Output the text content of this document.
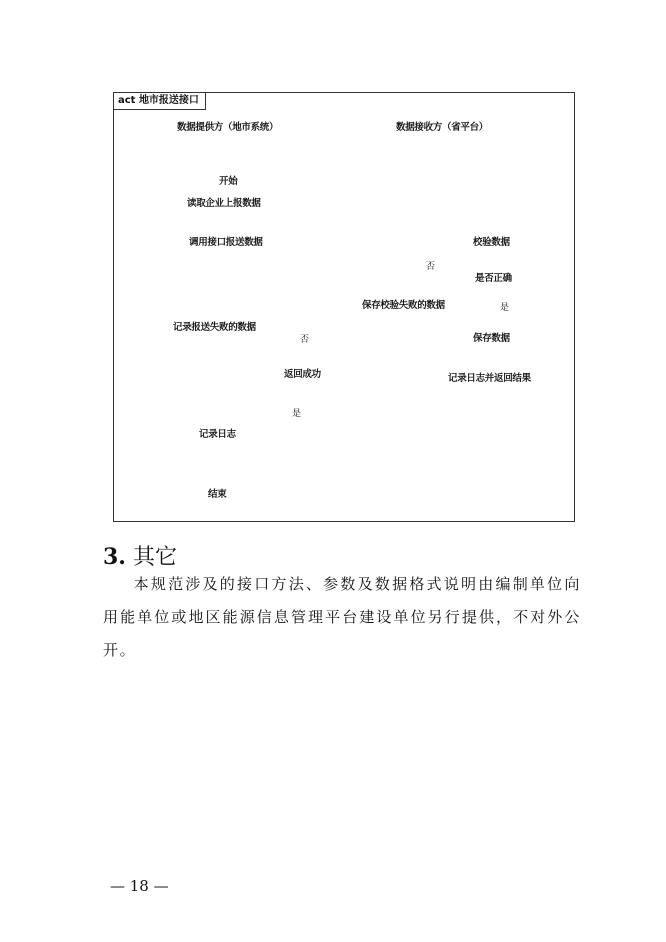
act 地市报送接口
数据提供方（地市系统）	数据接收方（省平台）
开始
读取企业上报数据
调用接口报送数据
记录报送失败的数据
返回成功
记录日志
结束
校验数据
是否正确
保存校验失败的数据
保存数据
记录日志并返回结果
否
是
否
是
3. 其它
本规范涉及的接口方法、参数及数据格式说明由编制单位向用能单位或地区能源信息管理平台建设单位另行提供，不对外公开。
— 18 —
